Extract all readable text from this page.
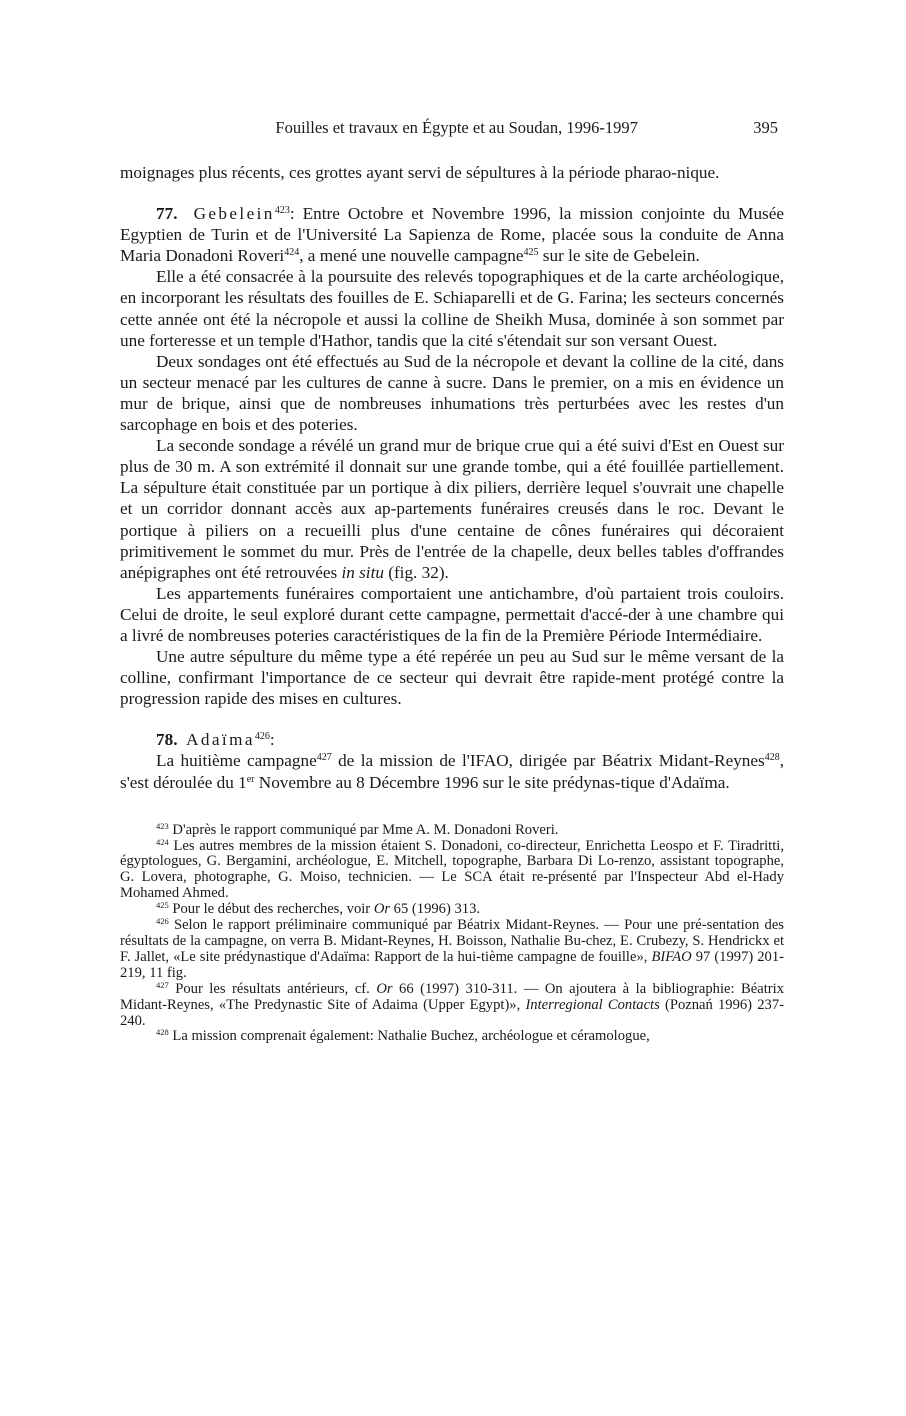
Fouilles et travaux en Égypte et au Soudan, 1996-1997	395

moignages plus récents, ces grottes ayant servi de sépultures à la période pharao-nique.

77. Gebelein$^{423}$: Entre Octobre et Novembre 1996, la mission conjointe du Musée Egyptien de Turin et de l'Université La Sapienza de Rome, placée sous la conduite de Anna Maria Donadoni Roveri$^{424}$, a mené une nouvelle campagne$^{425}$ sur le site de Gebelein.

Elle a été consacrée à la poursuite des relevés topographiques et de la carte archéologique, en incorporant les résultats des fouilles de E. Schiaparelli et de G. Farina; les secteurs concernés cette année ont été la nécropole et aussi la colline de Sheikh Musa, dominée à son sommet par une forteresse et un temple d'Hathor, tandis que la cité s'étendait sur son versant Ouest.

Deux sondages ont été effectués au Sud de la nécropole et devant la colline de la cité, dans un secteur menacé par les cultures de canne à sucre. Dans le premier, on a mis en évidence un mur de brique, ainsi que de nombreuses inhumations très perturbées avec les restes d'un sarcophage en bois et des poteries.

La seconde sondage a révélé un grand mur de brique crue qui a été suivi d'Est en Ouest sur plus de 30 m. A son extrémité il donnait sur une grande tombe, qui a été fouillée partiellement. La sépulture était constituée par un portique à dix piliers, derrière lequel s'ouvrait une chapelle et un corridor donnant accès aux ap-partements funéraires creusés dans le roc. Devant le portique à piliers on a recueilli plus d'une centaine de cônes funéraires qui décoraient primitivement le sommet du mur. Près de l'entrée de la chapelle, deux belles tables d'offrandes anépigraphes ont été retrouvées in situ (fig. 32).

Les appartements funéraires comportaient une antichambre, d'où partaient trois couloirs. Celui de droite, le seul exploré durant cette campagne, permettait d'accé-der à une chambre qui a livré de nombreuses poteries caractéristiques de la fin de la Première Période Intermédiaire.

Une autre sépulture du même type a été repérée un peu au Sud sur le même versant de la colline, confirmant l'importance de ce secteur qui devrait être rapide-ment protégé contre la progression rapide des mises en cultures.

78. Adaïma$^{426}$:

La huitième campagne$^{427}$ de la mission de l'IFAO, dirigée par Béatrix Midant-Reynes$^{428}$, s'est déroulée du 1er Novembre au 8 Décembre 1996 sur le site prédynas-tique d'Adaïma.

$^{423}$ D'après le rapport communiqué par Mme A. M. Donadoni Roveri.

$^{424}$ Les autres membres de la mission étaient S. Donadoni, co-directeur, Enrichetta Leospo et F. Tiradritti, égyptologues, G. Bergamini, archéologue, E. Mitchell, topographe, Barbara Di Lo-renzo, assistant topographe, G. Lovera, photographe, G. Moiso, technicien. — Le SCA était re-présenté par l'Inspecteur Abd el-Hady Mohamed Ahmed.

$^{425}$ Pour le début des recherches, voir Or 65 (1996) 313.

$^{426}$ Selon le rapport préliminaire communiqué par Béatrix Midant-Reynes. — Pour une pré-sentation des résultats de la campagne, on verra B. Midant-Reynes, H. Boisson, Nathalie Bu-chez, E. Crubezy, S. Hendrickx et F. Jallet, «Le site prédynastique d'Adaïma: Rapport de la hui-tième campagne de fouille», BIFAO 97 (1997) 201-219, 11 fig.

$^{427}$ Pour les résultats antérieurs, cf. Or 66 (1997) 310-311. — On ajoutera à la bibliographie: Béatrix Midant-Reynes, «The Predynastic Site of Adaima (Upper Egypt)», Interregional Contacts (Poznań 1996) 237-240.

$^{428}$ La mission comprenait également: Nathalie Buchez, archéologue et céramologue,
